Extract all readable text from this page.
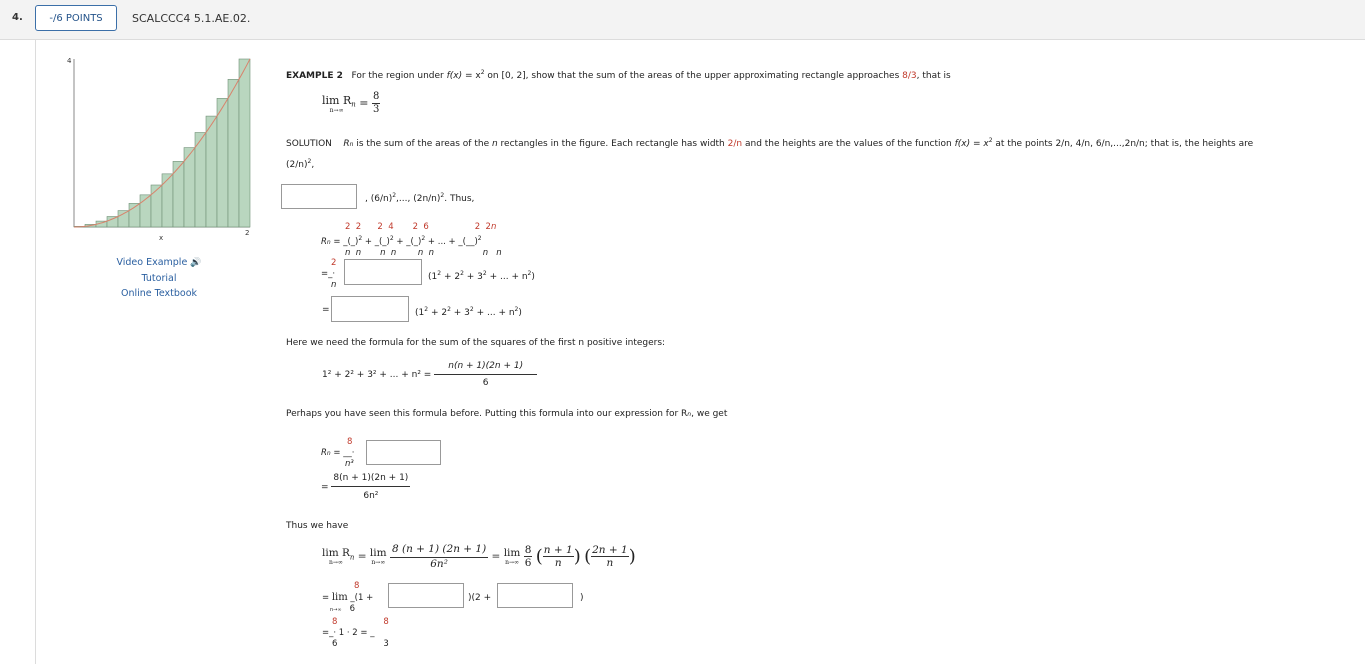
4.	-/6 POINTS	SCALCCC4 5.1.AE.02.
4
x
2
Video Example 🔊
Tutorial
Online Textbook
EXAMPLE 2 For the region under $f(x) = x^2$ on [0, 2], show that the sum of the areas of the upper approximating rectangle approaches 8/3, that is
lim R
n→∞
$n = \frac{8}{3}$
SOLUTION Rn is the sum of the areas of the n rectangles in the figure. Each rectangle has width 2/n and the heights are the values of the function $f(x) = x^2$ at the points 2/n, 4/n, 6/n,...,2n/n; that is, the heights are
$(2/n)^2$,
, $(6/n)^2$,..., $(2n/n)^2$. Thus,
2  2      2  4       2  6                 2  2n
Rn = _(_)$^2$ + _(_)$^2$ + _(_)$^2$ + ... + _(__)$^2$
n  n       n  n        n  n                  n   n
2
=_·
n
($1^2 + 2^2 + 3^2$ + ... + $n^2$)
=	($1^2 + 2^2 + 3^2$ + ... + $n^2$)
Here we need the formula for the sum of the squares of the first n positive integers:
1² + 2² + 3² + ... + $n^2 = \frac{n(n + 1)(2n + 1)}{6}$
Perhaps you have seen this formula before. Putting this formula into our expression for Rn, we get
8
Rn = __·
n³
= $\frac{8(n + 1)(2n + 1)}{\text{6n²}}$
Thus we have
lim R
n→∞
n = lim
n→∞
$\frac{8 (n + 1) (2n + 1)}{\text{6n²}} = \lim$
n→∞
$\frac{8}{6}$ ( $\frac{n + 1}{n}$ ) ( $\frac{2n + 1}{n}$ )
8
= lim _(1 +
n→∞   6
)(2 +	)
8	8
=_· 1 · 2 = _
6	3
